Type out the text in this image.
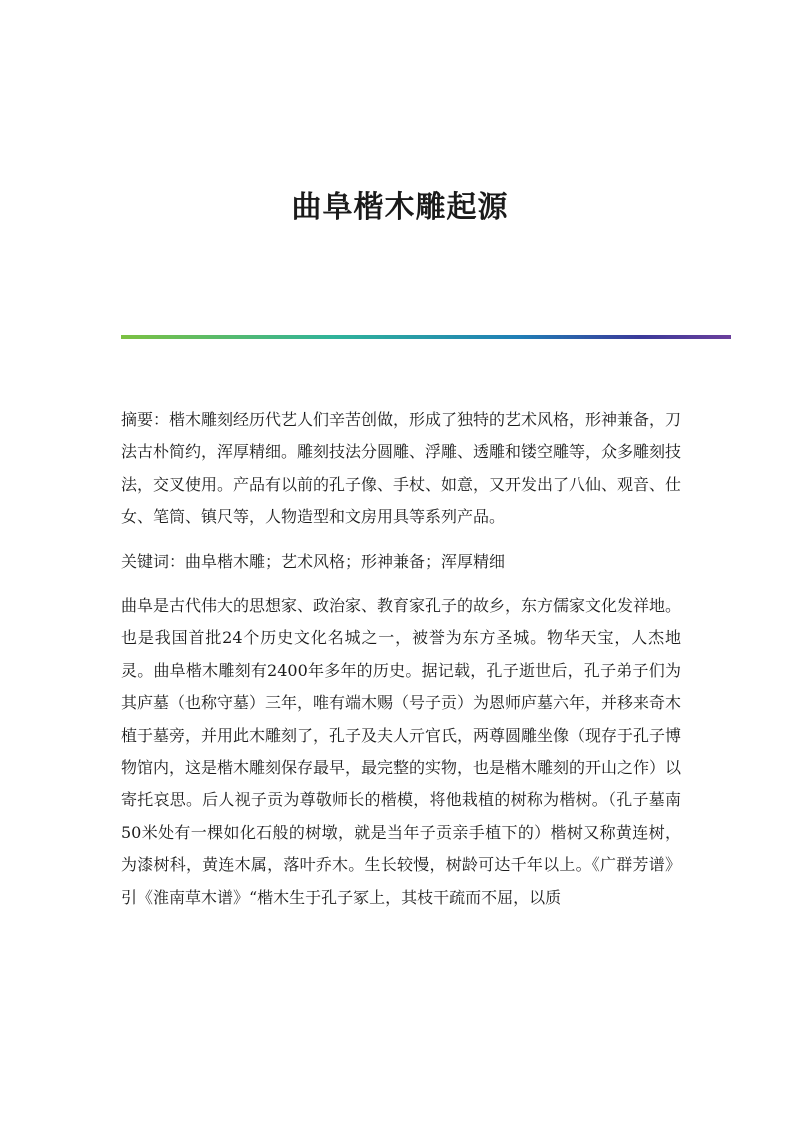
曲阜楷木雕起源

摘要：楷木雕刻经历代艺人们辛苦创做，形成了独特的艺术风格，形神兼备，刀法古朴简约，浑厚精细。雕刻技法分圆雕、浮雕、透雕和镂空雕等，众多雕刻技法，交叉使用。产品有以前的孔子像、手杖、如意，又开发出了八仙、观音、仕女、笔筒、镇尺等，人物造型和文房用具等系列产品。

关键词：曲阜楷木雕；艺术风格；形神兼备；浑厚精细

曲阜是古代伟大的思想家、政治家、教育家孔子的故乡，东方儒家文化发祥地。也是我国首批24个历史文化名城之一，被誉为东方圣城。物华天宝，人杰地灵。曲阜楷木雕刻有2400年多年的历史。据记载，孔子逝世后，孔子弟子们为其庐墓（也称守墓）三年，唯有端木赐（号子贡）为恩师庐墓六年，并移来奇木植于墓旁，并用此木雕刻了，孔子及夫人亓官氏，两尊圆雕坐像（现存于孔子博物馆内，这是楷木雕刻保存最早，最完整的实物，也是楷木雕刻的开山之作）以寄托哀思。后人视子贡为尊敬师长的楷模，将他栽植的树称为楷树。（孔子墓南50米处有一棵如化石般的树墩，就是当年子贡亲手植下的）楷树又称黄连树，为漆树科，黄连木属，落叶乔木。生长较慢，树龄可达千年以上。《广群芳谱》引《淮南草木谱》“楷木生于孔子冢上，其枝干疏而不屈，以质
